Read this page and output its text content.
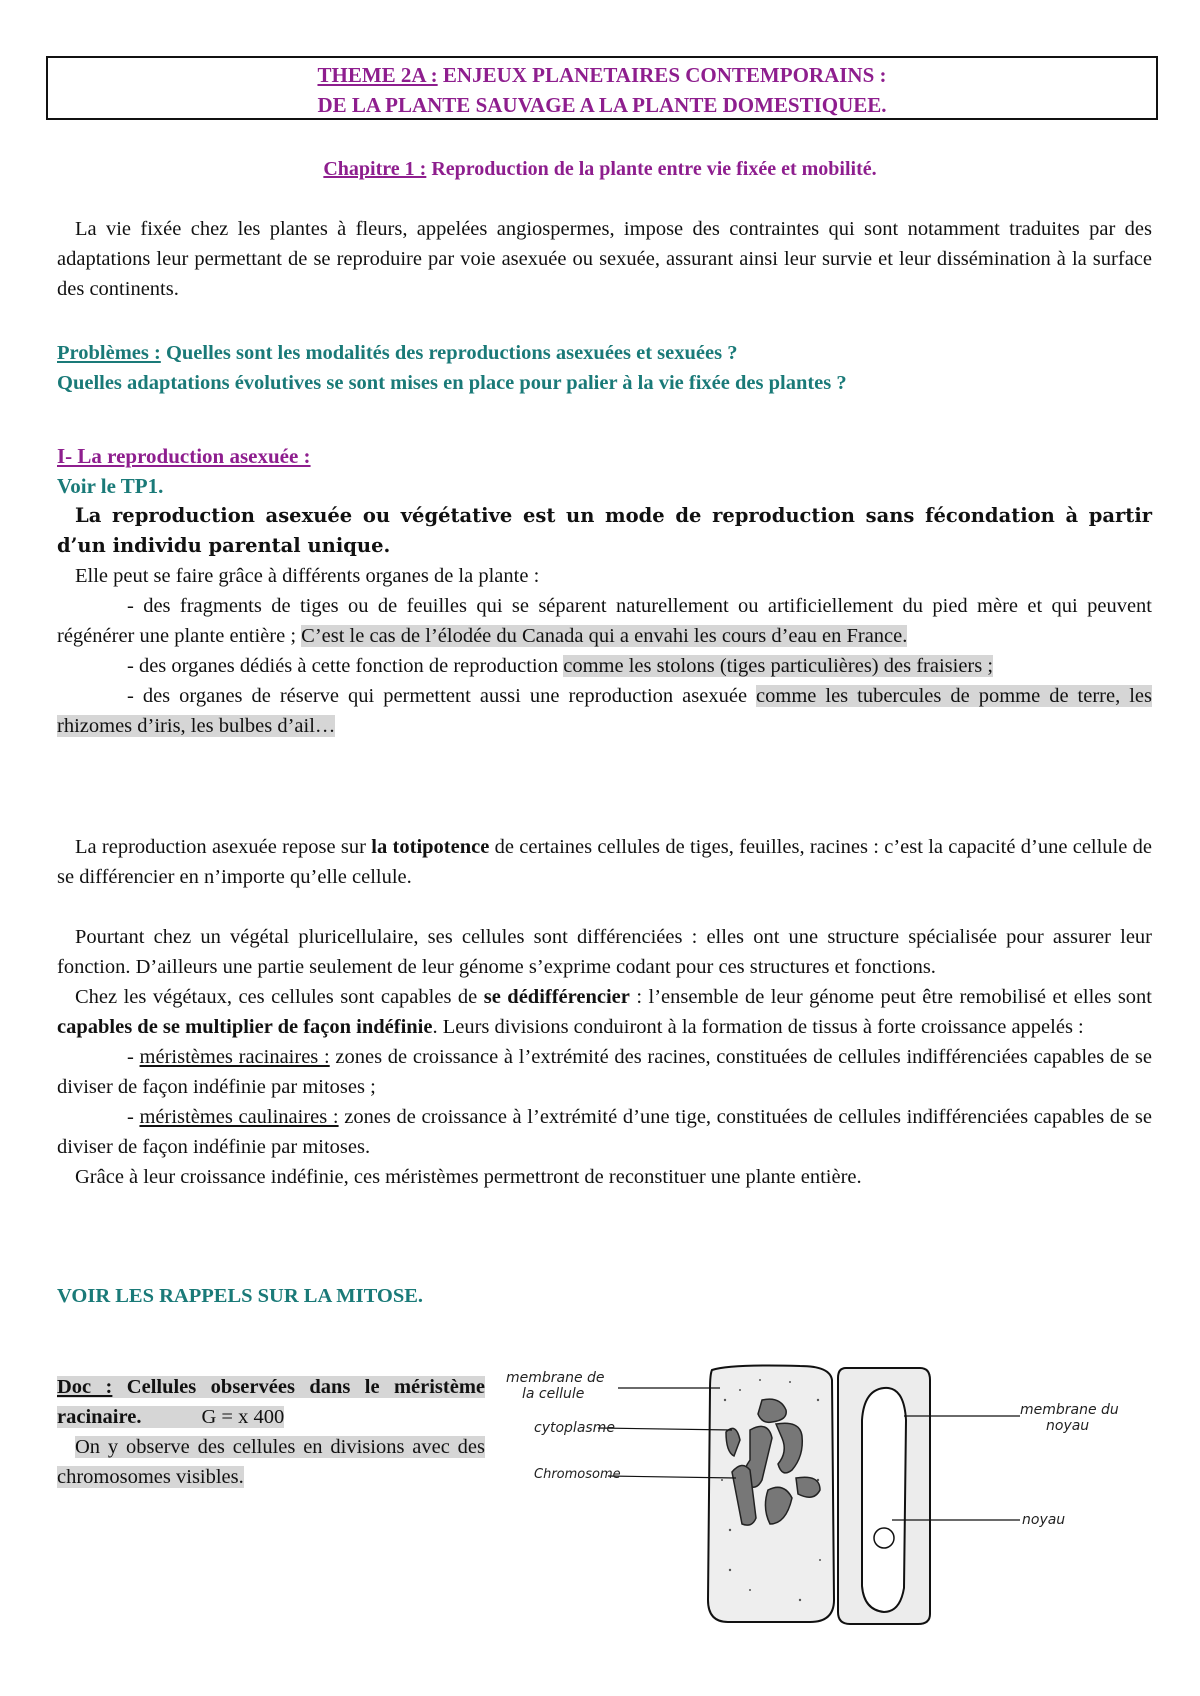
THEME 2A : ENJEUX PLANETAIRES CONTEMPORAINS :
DE LA PLANTE SAUVAGE A LA PLANTE DOMESTIQUEE.
Chapitre 1 : Reproduction de la plante entre vie fixée et mobilité.

La vie fixée chez les plantes à fleurs, appelées angiospermes, impose des contraintes qui sont notamment traduites par des adaptations leur permettant de se reproduire par voie asexuée ou sexuée, assurant ainsi leur survie et leur dissémination à la surface des continents.

Problèmes : Quelles sont les modalités des reproductions asexuées et sexuées ?
Quelles adaptations évolutives se sont mises en place pour palier à la vie fixée des plantes ?
I- La reproduction asexuée :
Voir le TP1.

La reproduction asexuée ou végétative est un mode de reproduction sans fécondation à partir d’un individu parental unique.

Elle peut se faire grâce à différents organes de la plante :

- des fragments de tiges ou de feuilles qui se séparent naturellement ou artificiellement du pied mère et qui peuvent régénérer une plante entière ; C’est le cas de l’élodée du Canada qui a envahi les cours d’eau en France.

- des organes dédiés à cette fonction de reproduction comme les stolons (tiges particulières) des fraisiers ;

- des organes de réserve qui permettent aussi une reproduction asexuée comme les tubercules de pomme de terre, les rhizomes d’iris, les bulbes d’ail…

La reproduction asexuée repose sur la totipotence de certaines cellules de tiges, feuilles, racines : c’est la capacité d’une cellule de se différencier en n’importe qu’elle cellule.

Pourtant chez un végétal pluricellulaire, ses cellules sont différenciées : elles ont une structure spécialisée pour assurer leur fonction. D’ailleurs une partie seulement de leur génome s’exprime codant pour ces structures et fonctions.

Chez les végétaux, ces cellules sont capables de se dédifférencier : l’ensemble de leur génome peut être remobilisé et elles sont capables de se multiplier de façon indéfinie. Leurs divisions conduiront à la formation de tissus à forte croissance appelés :

- méristèmes racinaires : zones de croissance à l’extrémité des racines, constituées de cellules indifférenciées capables de se diviser de façon indéfinie par mitoses ;

- méristèmes caulinaires : zones de croissance à l’extrémité d’une tige, constituées de cellules indifférenciées capables de se diviser de façon indéfinie par mitoses.

Grâce à leur croissance indéfinie, ces méristèmes permettront de reconstituer une plante entière.

VOIR LES RAPPELS SUR LA MITOSE.
Doc : Cellules observées dans le méristème racinaire.	G = x 400

On y observe des cellules en divisions avec des chromosomes visibles.

membrane de
la cellule
cytoplasme
Chromosome
membrane du
noyau
noyau
